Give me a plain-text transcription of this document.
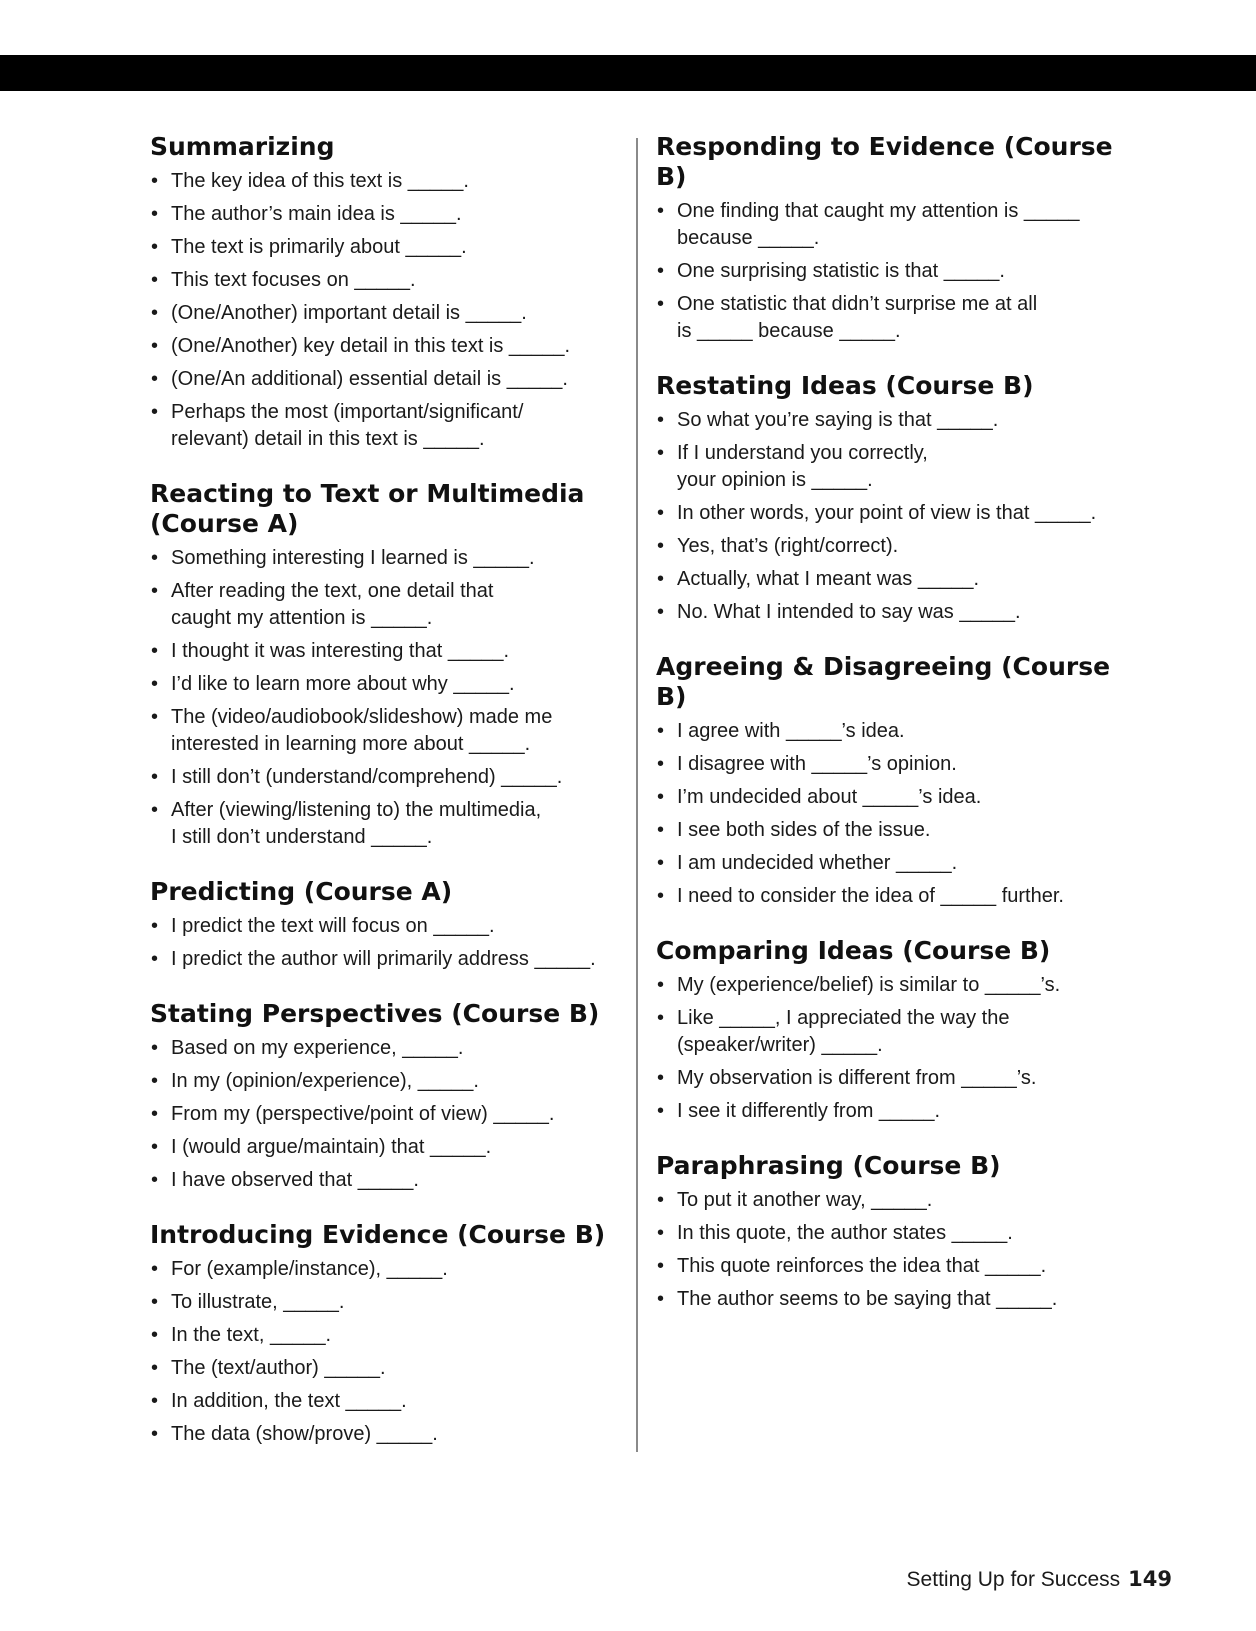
Summarizing
• The key idea of this text is _____.
• The author’s main idea is _____.
• The text is primarily about _____.
• This text focuses on _____.
• (One/Another) important detail is _____.
• (One/Another) key detail in this text is _____.
• (One/An additional) essential detail is _____.
• Perhaps the most (important/significant/
relevant) detail in this text is _____.
Reacting to Text or Multimedia
(Course A)
• Something interesting I learned is _____.
• After reading the text, one detail that
caught my attention is _____.
• I thought it was interesting that _____.
• I’d like to learn more about why _____.
• The (video/audiobook/slideshow) made me
interested in learning more about _____.
• I still don’t (understand/comprehend) _____.
• After (viewing/listening to) the multimedia,
I still don’t understand _____.
Predicting (Course A)
• I predict the text will focus on _____.
• I predict the author will primarily address _____.
Stating Perspectives (Course B)
• Based on my experience, _____.
• In my (opinion/experience), _____.
• From my (perspective/point of view) _____.
• I (would argue/maintain) that _____.
• I have observed that _____.
Introducing Evidence (Course B)
• For (example/instance), _____.
• To illustrate, _____.
• In the text, _____.
• The (text/author) _____.
• In addition, the text _____.
• The data (show/prove) _____.
Responding to Evidence (Course B)
• One finding that caught my attention is _____
because _____.
• One surprising statistic is that _____.
• One statistic that didn’t surprise me at all
is _____ because _____.
Restating Ideas (Course B)
• So what you’re saying is that _____.
• If I understand you correctly,
your opinion is _____.
• In other words, your point of view is that _____.
• Yes, that’s (right/correct).
• Actually, what I meant was _____.
• No. What I intended to say was _____.
Agreeing & Disagreeing (Course B)
• I agree with _____’s idea.
• I disagree with _____’s opinion.
• I’m undecided about _____’s idea.
• I see both sides of the issue.
• I am undecided whether _____.
• I need to consider the idea of _____ further.
Comparing Ideas (Course B)
• My (experience/belief) is similar to _____’s.
• Like _____, I appreciated the way the
(speaker/writer) _____.
• My observation is different from _____’s.
• I see it differently from _____.
Paraphrasing (Course B)
• To put it another way, _____.
• In this quote, the author states _____.
• This quote reinforces the idea that _____.
• The author seems to be saying that _____.
Setting Up for Success 149
